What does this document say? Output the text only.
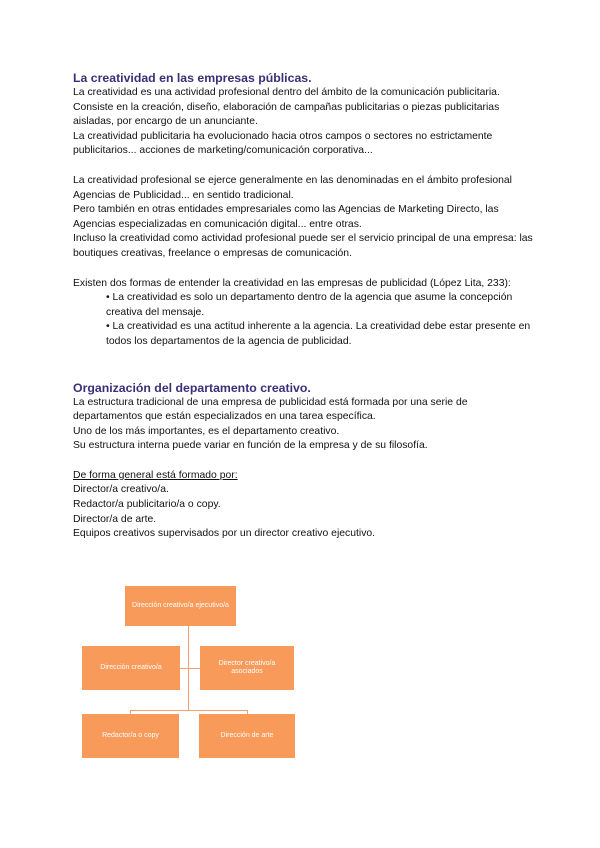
La creatividad en las empresas públicas.

La creatividad es una actividad profesional dentro del ámbito de la comunicación publicitaria.

Consiste en la creación, diseño, elaboración de campañas publicitarias o piezas publicitarias aisladas, por encargo de un anunciante.

La creatividad publicitaria ha evolucionado hacia otros campos o sectores no estrictamente publicitarios... acciones de marketing/comunicación corporativa...

La creatividad profesional se ejerce generalmente en las denominadas en el ámbito profesional Agencias de Publicidad... en sentido tradicional.

Pero también en otras entidades empresariales como las Agencias de Marketing Directo, las Agencias especializadas en comunicación digital... entre otras.

Incluso la creatividad como actividad profesional puede ser el servicio principal de una empresa: las boutiques creativas, freelance o empresas de comunicación.

Existen dos formas de entender la creatividad en las empresas de publicidad (López Lita, 233):

• La creatividad es solo un departamento dentro de la agencia que asume la concepción creativa del mensaje.
• La creatividad es una actitud inherente a la agencia. La creatividad debe estar presente en todos los departamentos de la agencia de publicidad.
Organización del departamento creativo.

La estructura tradicional de una empresa de publicidad está formada por una serie de departamentos que están especializados en una tarea específica.

Uno de los más importantes, es el departamento creativo.

Su estructura interna puede variar en función de la empresa y de su filosofía.

De forma general está formado por:

Director/a creativo/a.

Redactor/a publicitario/a o copy.

Director/a de arte.

Equipos creativos supervisados por un director creativo ejecutivo.

Dirección creativo/a ejecutivo/a
Dirección creativo/a
Director creativo/a asociados
Redactor/a o copy	Dirección de arte
